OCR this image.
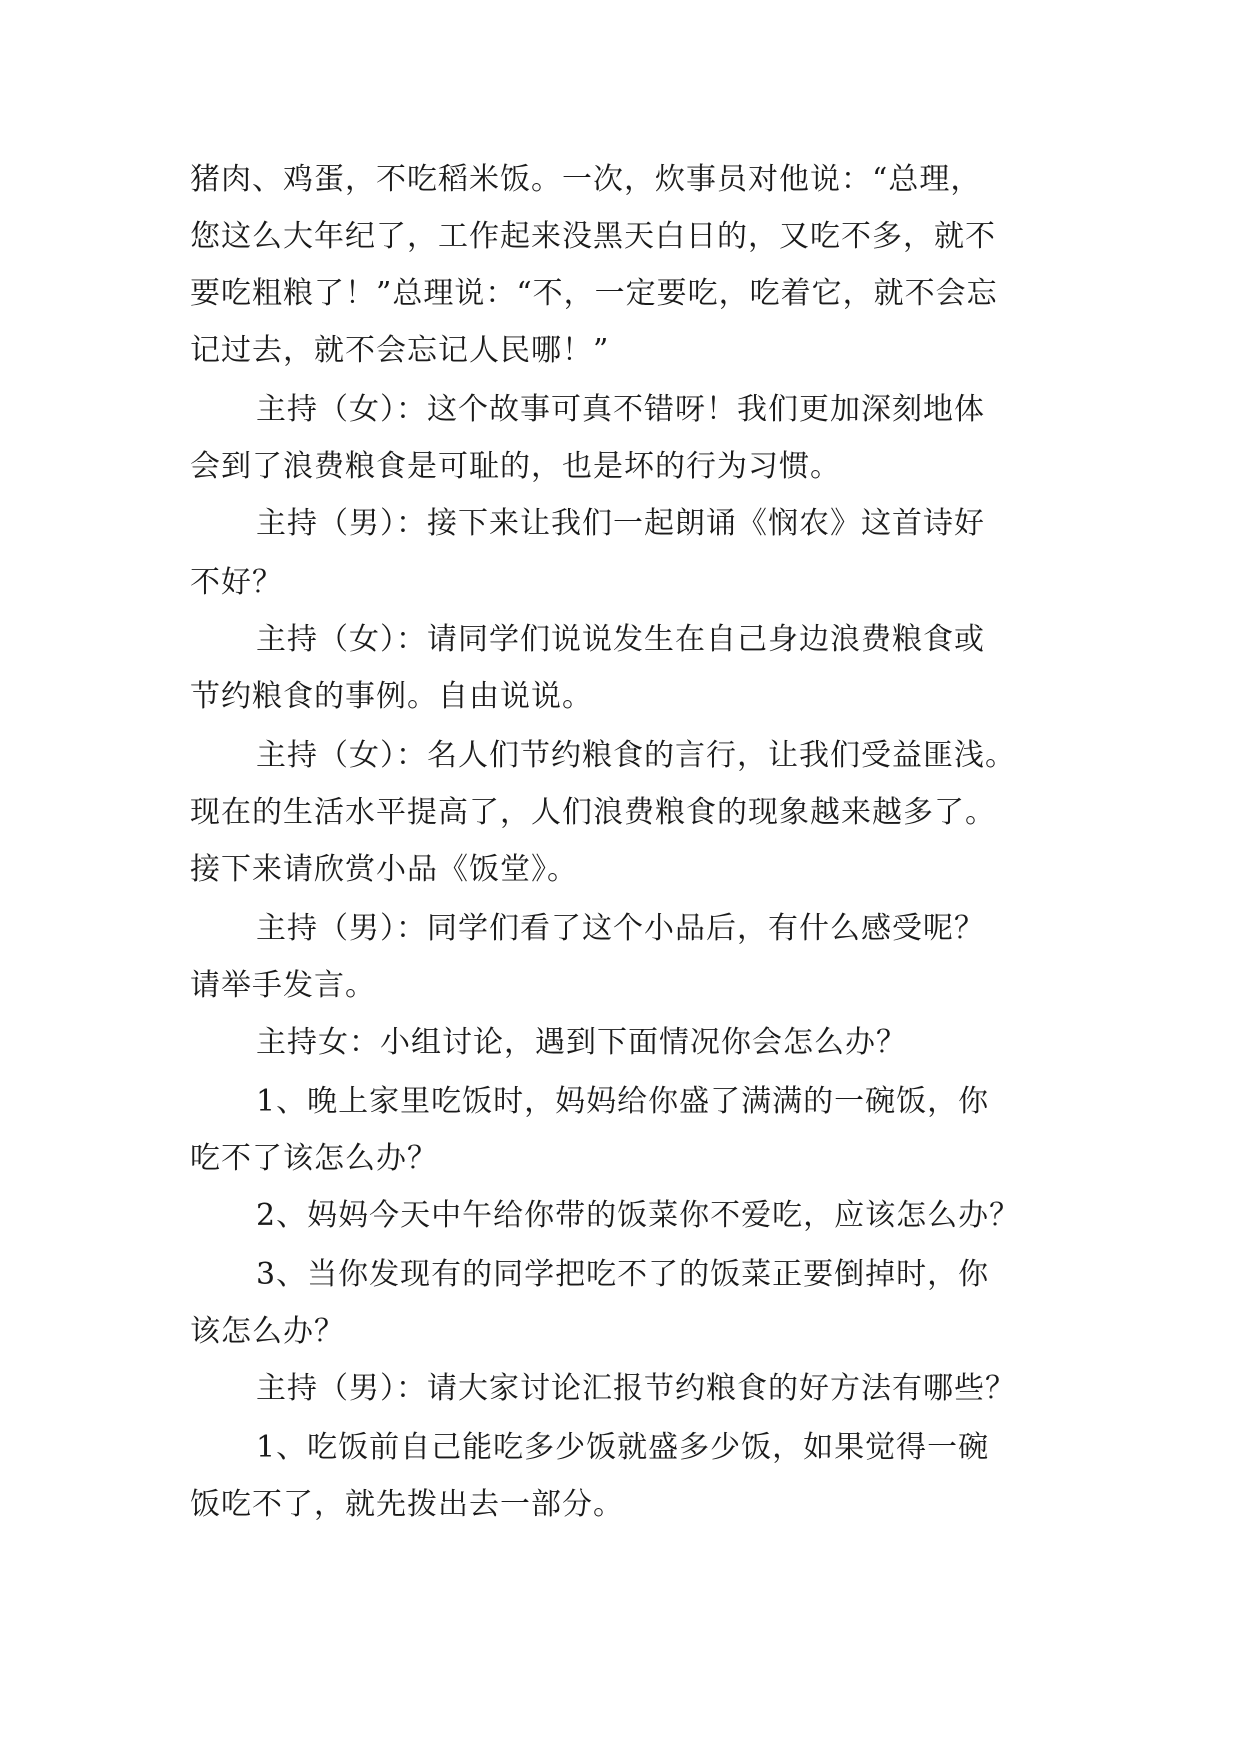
猪肉、鸡蛋，不吃稻米饭。一次，炊事员对他说：“总理，
您这么大年纪了，工作起来没黑天白日的，又吃不多，就不
要吃粗粮了！”总理说：“不，一定要吃，吃着它，就不会忘
记过去，就不会忘记人民哪！”
主持（女）：这个故事可真不错呀！我们更加深刻地体
会到了浪费粮食是可耻的，也是坏的行为习惯。
主持（男）：接下来让我们一起朗诵《悯农》这首诗好
不好？
主持（女）：请同学们说说发生在自己身边浪费粮食或
节约粮食的事例。自由说说。
主持（女）：名人们节约粮食的言行，让我们受益匪浅。
现在的生活水平提高了，人们浪费粮食的现象越来越多了。
接下来请欣赏小品《饭堂》。
主持（男）：同学们看了这个小品后，有什么感受呢？
请举手发言。
主持女：小组讨论，遇到下面情况你会怎么办？
1、晚上家里吃饭时，妈妈给你盛了满满的一碗饭，你
吃不了该怎么办？
2、妈妈今天中午给你带的饭菜你不爱吃，应该怎么办？
3、当你发现有的同学把吃不了的饭菜正要倒掉时，你
该怎么办？
主持（男）：请大家讨论汇报节约粮食的好方法有哪些？
1、吃饭前自己能吃多少饭就盛多少饭，如果觉得一碗
饭吃不了，就先拨出去一部分。
